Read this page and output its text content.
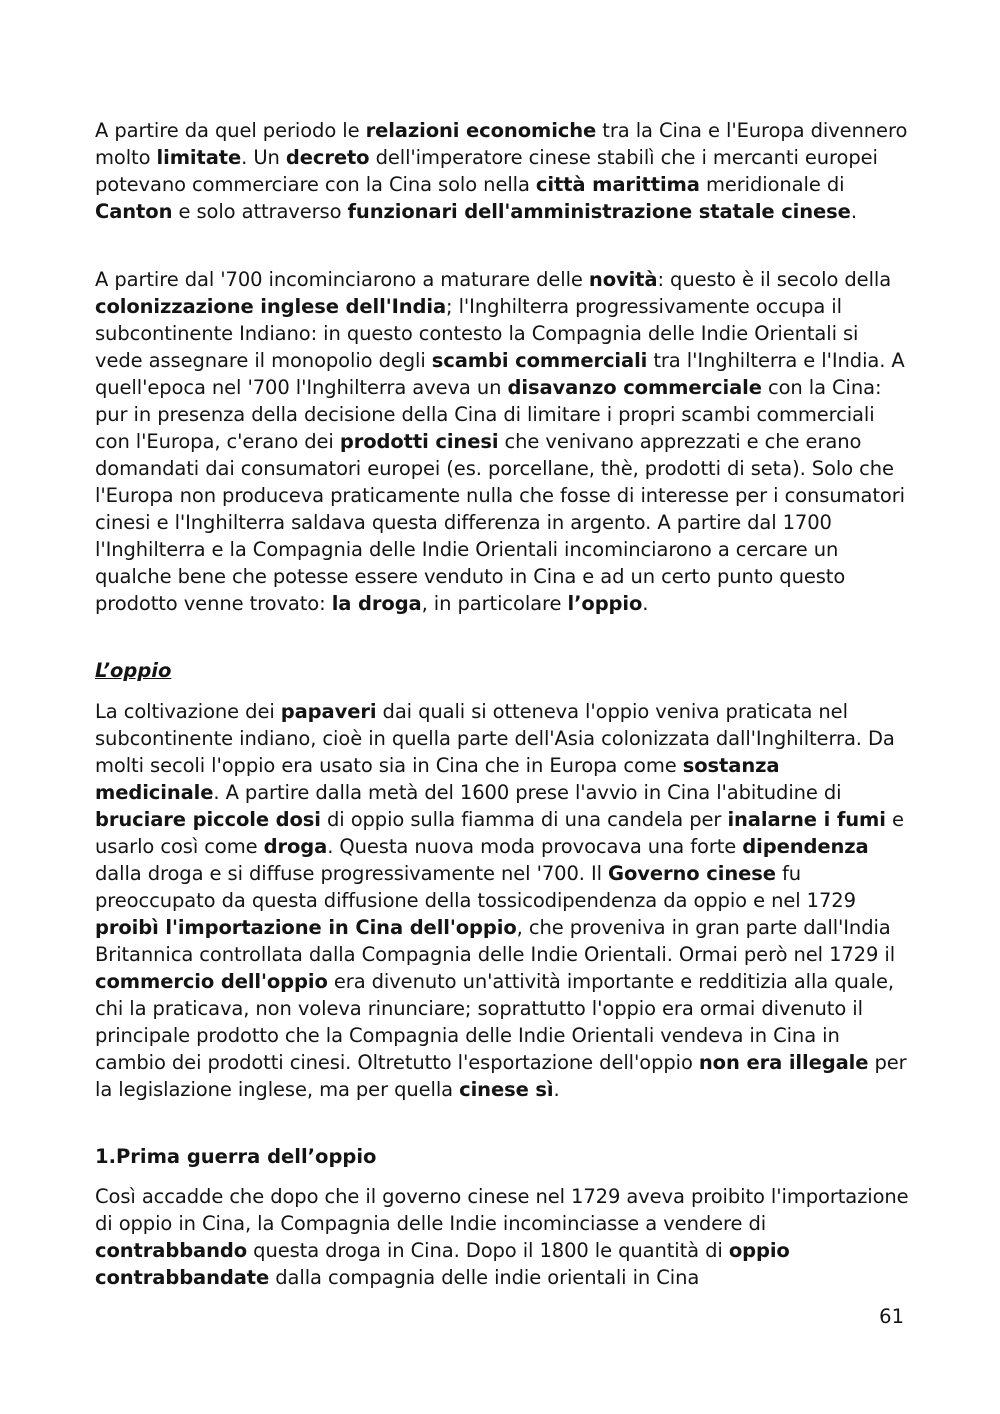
A partire da quel periodo le relazioni economiche tra la Cina e l'Europa divennero molto limitate. Un decreto dell'imperatore cinese stabilì che i mercanti europei potevano commerciare con la Cina solo nella città marittima meridionale di Canton e solo attraverso funzionari dell'amministrazione statale cinese.

A partire dal '700 incominciarono a maturare delle novità: questo è il secolo della colonizzazione inglese dell'India; l'Inghilterra progressivamente occupa il subcontinente Indiano: in questo contesto la Compagnia delle Indie Orientali si vede assegnare il monopolio degli scambi commerciali tra l'Inghilterra e l'India. A quell'epoca nel '700 l'Inghilterra aveva un disavanzo commerciale con la Cina: pur in presenza della decisione della Cina di limitare i propri scambi commerciali con l'Europa, c'erano dei prodotti cinesi che venivano apprezzati e che erano domandati dai consumatori europei (es. porcellane, thè, prodotti di seta). Solo che l'Europa non produceva praticamente nulla che fosse di interesse per i consumatori cinesi e l'Inghilterra saldava questa differenza in argento. A partire dal 1700 l'Inghilterra e la Compagnia delle Indie Orientali incominciarono a cercare un qualche bene che potesse essere venduto in Cina e ad un certo punto questo prodotto venne trovato: la droga, in particolare l’oppio.

L’oppio

La coltivazione dei papaveri dai quali si otteneva l'oppio veniva praticata nel subcontinente indiano, cioè in quella parte dell'Asia colonizzata dall'Inghilterra. Da molti secoli l'oppio era usato sia in Cina che in Europa come sostanza medicinale. A partire dalla metà del 1600 prese l'avvio in Cina l'abitudine di bruciare piccole dosi di oppio sulla fiamma di una candela per inalarne i fumi e usarlo così come droga. Questa nuova moda provocava una forte dipendenza dalla droga e si diffuse progressivamente nel '700. Il Governo cinese fu preoccupato da questa diffusione della tossicodipendenza da oppio e nel 1729 proibì l'importazione in Cina dell'oppio, che proveniva in gran parte dall'India Britannica controllata dalla Compagnia delle Indie Orientali. Ormai però nel 1729 il commercio dell'oppio era divenuto un'attività importante e redditizia alla quale, chi la praticava, non voleva rinunciare; soprattutto l'oppio era ormai divenuto il principale prodotto che la Compagnia delle Indie Orientali vendeva in Cina in cambio dei prodotti cinesi. Oltretutto l'esportazione dell'oppio non era illegale per la legislazione inglese, ma per quella cinese sì.

1.Prima guerra dell’oppio

Così accadde che dopo che il governo cinese nel 1729 aveva proibito l'importazione di oppio in Cina, la Compagnia delle Indie incominciasse a vendere di contrabbando questa droga in Cina. Dopo il 1800 le quantità di oppio contrabbandate dalla compagnia delle indie orientali in Cina

61
